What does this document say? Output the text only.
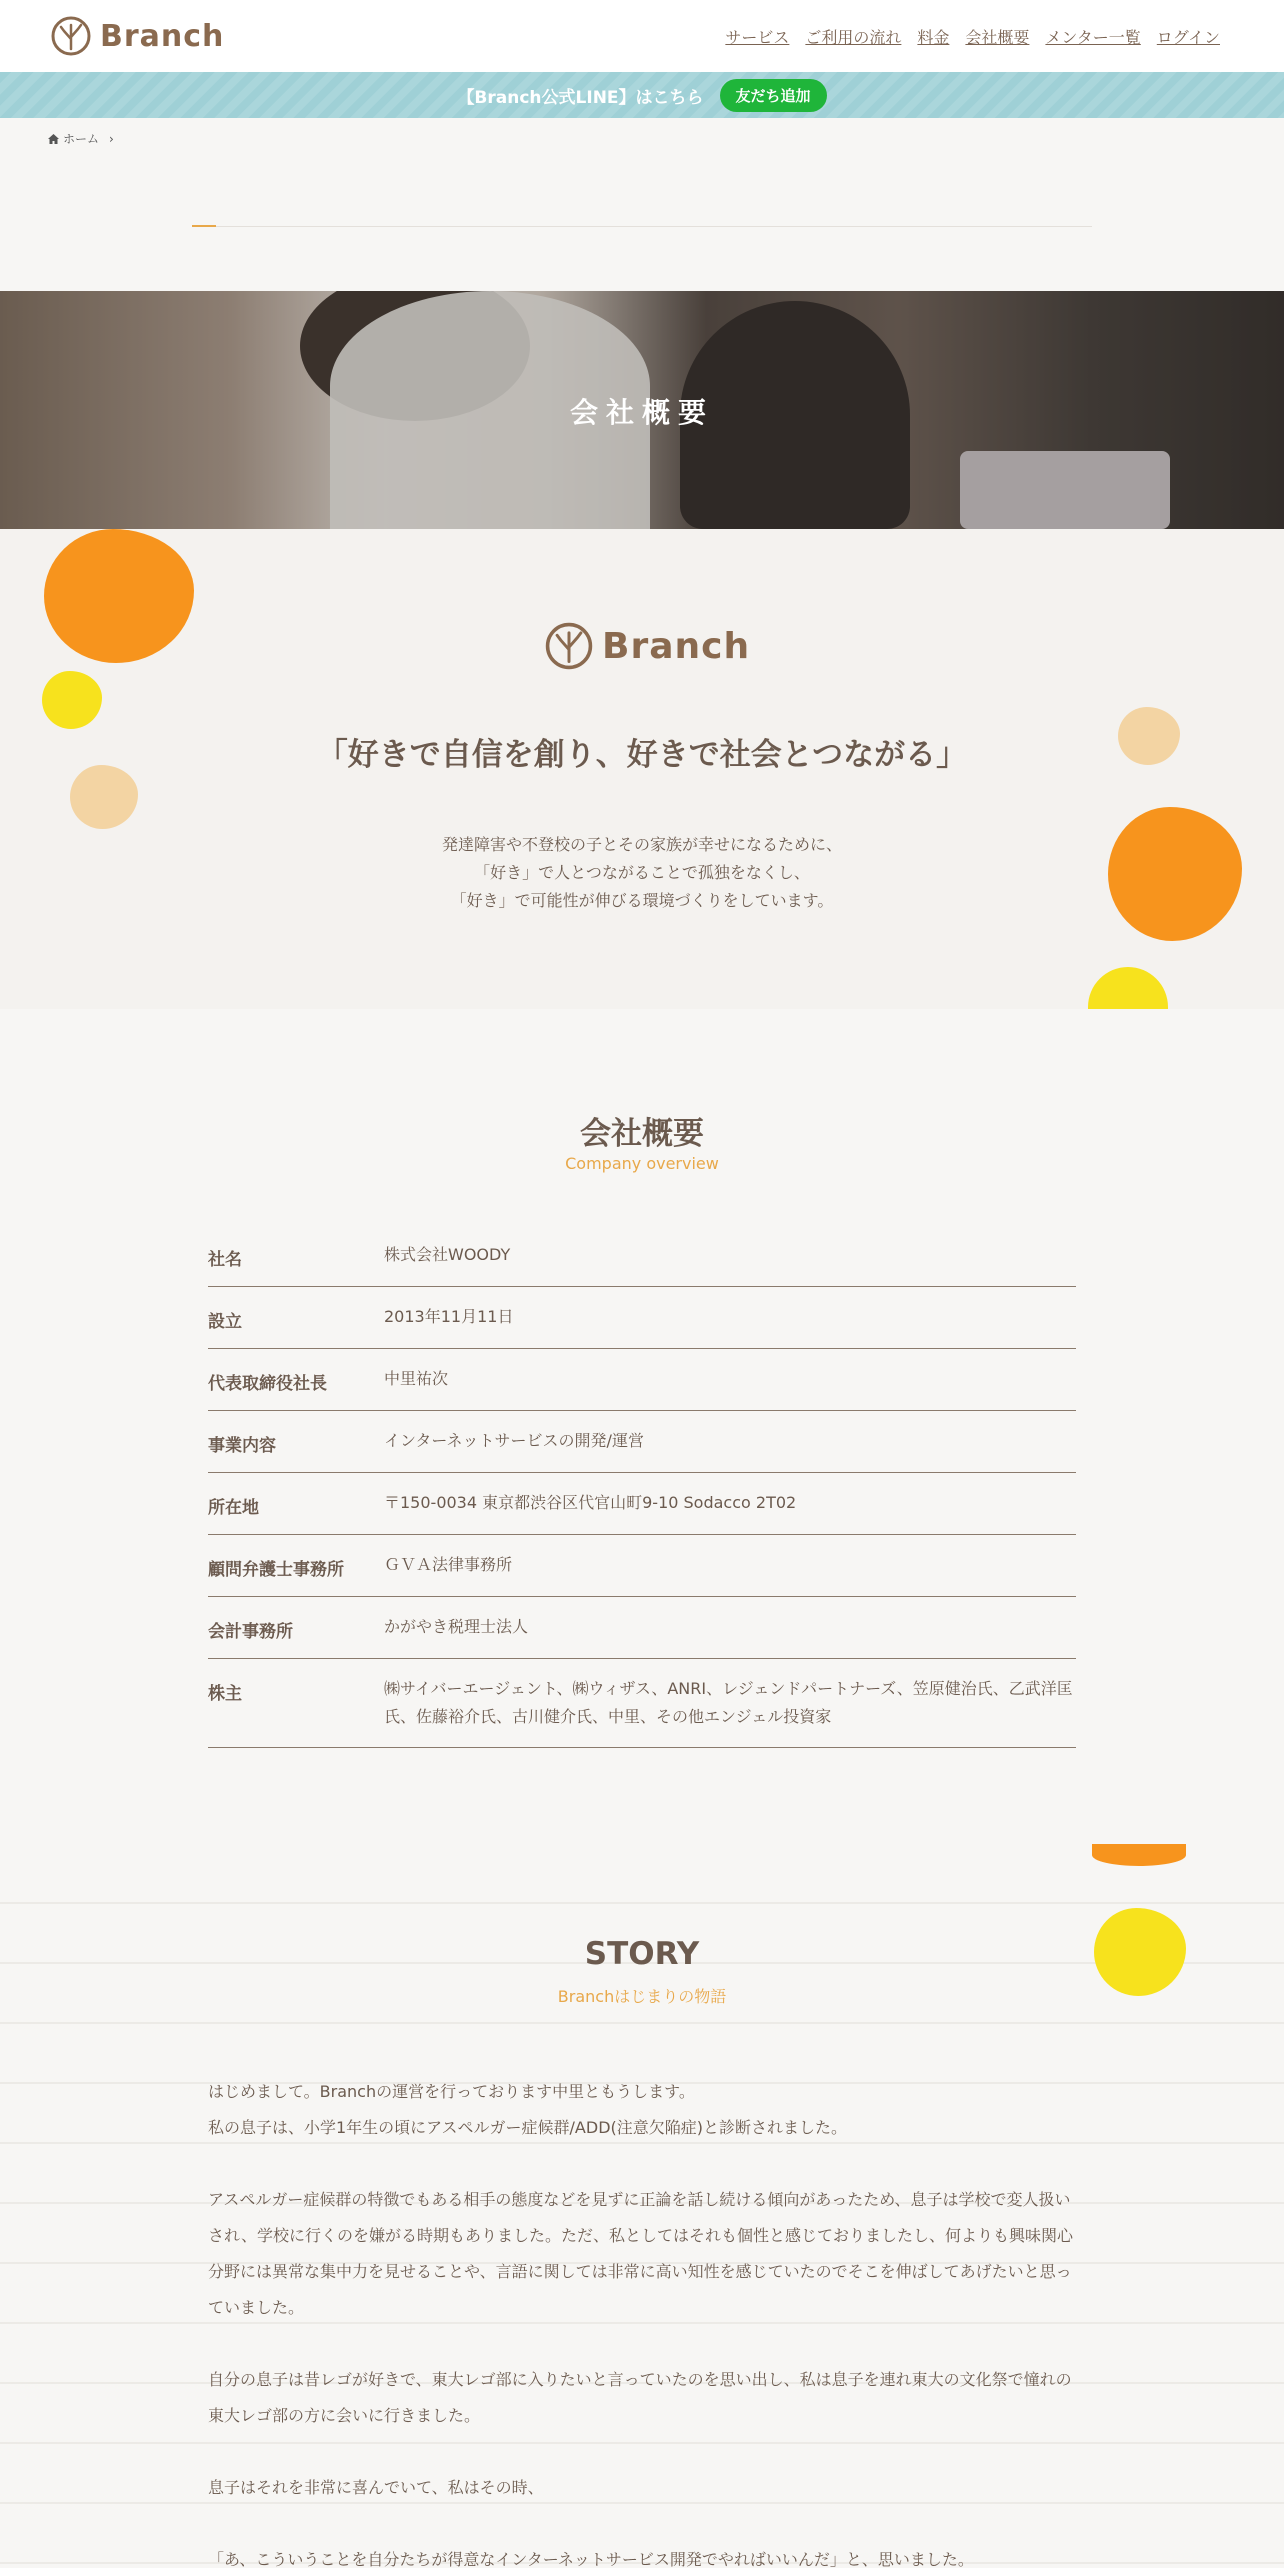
Branch	サービス ご利用の流れ 料金 会社概要 メンター一覧 ログイン
【Branch公式LINE】はこちら	友だち追加
ホーム ›
会社概要
Branch
「好きで自信を創り、好きで社会とつながる」
発達障害や不登校の子とその家族が幸せになるために、
「好き」で人とつながることで孤独をなくし、
「好き」で可能性が伸びる環境づくりをしています。
会社概要
Company overview
社名	株式会社WOODY
設立	2013年11月11日
代表取締役社長	中里祐次
事業内容	インターネットサービスの開発/運営
所在地	〒150-0034 東京都渋谷区代官山町9-10 Sodacco 2T02
顧問弁護士事務所	ＧＶＡ法律事務所
会計事務所	かがやき税理士法人
株主	㈱サイバーエージェント、㈱ウィザス、ANRI、レジェンドパートナーズ、笠原健治氏、乙武洋匡氏、佐藤裕介氏、古川健介氏、中里、その他エンジェル投資家
STORY
Branchはじまりの物語

はじめまして。Branchの運営を行っております中里ともうします。
私の息子は、小学1年生の頃にアスペルガー症候群/ADD(注意欠陥症)と診断されました。

アスペルガー症候群の特徴でもある相手の態度などを見ずに正論を話し続ける傾向があったため、息子は学校で変人扱いされ、学校に行くのを嫌がる時期もありました。ただ、私としてはそれも個性と感じておりましたし、何よりも興味関心分野には異常な集中力を見せることや、言語に関しては非常に高い知性を感じていたのでそこを伸ばしてあげたいと思っていました。

自分の息子は昔レゴが好きで、東大レゴ部に入りたいと言っていたのを思い出し、私は息子を連れ東大の文化祭で憧れの東大レゴ部の方に会いに行きました。

息子はそれを非常に喜んでいて、私はその時、

「あ、こういうことを自分たちが得意なインターネットサービス開発でやればいいんだ」と、思いました。
